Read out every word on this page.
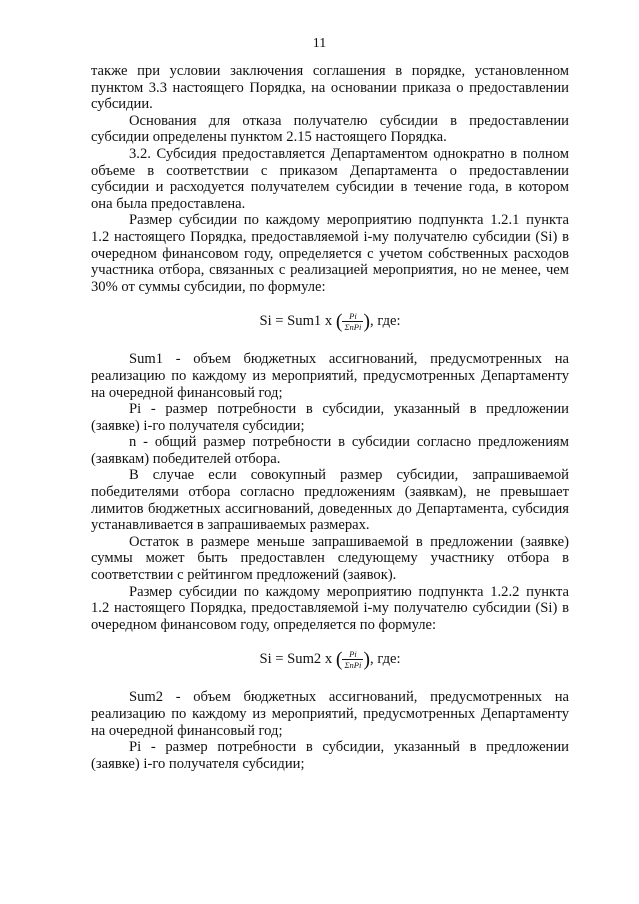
11

также при условии заключения соглашения в порядке, установленном пунктом 3.3 настоящего Порядка, на основании приказа о предоставлении субсидии.

Основания для отказа получателю субсидии в предоставлении субсидии определены пунктом 2.15 настоящего Порядка.

3.2. Субсидия предоставляется Департаментом однократно в полном объеме в соответствии с приказом Департамента о предоставлении субсидии и расходуется получателем субсидии в течение года, в котором она была предоставлена.

Размер субсидии по каждому мероприятию подпункта 1.2.1 пункта 1.2 настоящего Порядка, предоставляемой i-му получателю субсидии (Si) в очередном финансовом году, определяется с учетом собственных расходов участника отбора, связанных с реализацией мероприятия, но не менее, чем 30% от суммы субсидии, по формуле:

Si = Sum1 x ( $\frac{Pi}{\text{ΣnPi}}$ ), где:

Sum1 - объем бюджетных ассигнований, предусмотренных на реализацию по каждому из мероприятий, предусмотренных Департаменту на очередной финансовый год;

Pi - размер потребности в субсидии, указанный в предложении (заявке) i-го получателя субсидии;

n - общий размер потребности в субсидии согласно предложениям (заявкам) победителей отбора.

В случае если совокупный размер субсидии, запрашиваемой победителями отбора согласно предложениям (заявкам), не превышает лимитов бюджетных ассигнований, доведенных до Департамента, субсидия устанавливается в запрашиваемых размерах.

Остаток в размере меньше запрашиваемой в предложении (заявке) суммы может быть предоставлен следующему участнику отбора в соответствии с рейтингом предложений (заявок).

Размер субсидии по каждому мероприятию подпункта 1.2.2 пункта 1.2 настоящего Порядка, предоставляемой i-му получателю субсидии (Si) в очередном финансовом году, определяется по формуле:

Si = Sum2 x ( $\frac{Pi}{\text{ΣnPi}}$ ), где:

Sum2 - объем бюджетных ассигнований, предусмотренных на реализацию по каждому из мероприятий, предусмотренных Департаменту на очередной финансовый год;

Pi - размер потребности в субсидии, указанный в предложении (заявке) i-го получателя субсидии;
